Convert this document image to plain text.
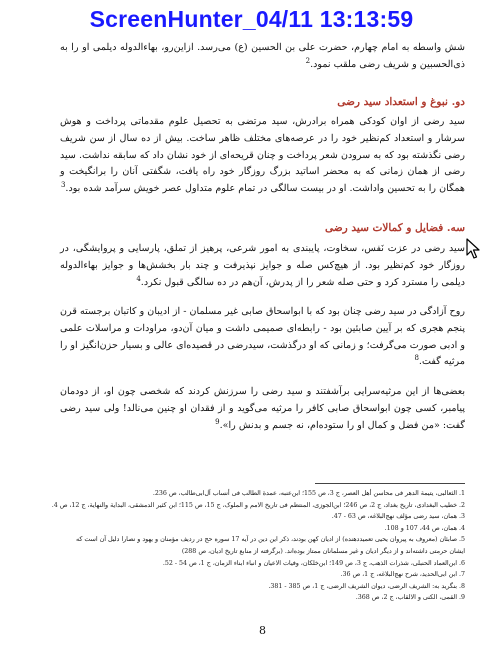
ScreenHunter_04/11 13:13:59

شش واسطه به امام چهارم، حضرت علی بن الحسین (ع) می‌رسد. ازاین‌رو، بهاءالدوله دیلمی او را به ذی‌الحسبین و شریف رضی ملقب نمود.$^2$

دو. نبوغ و استعداد سید رضی

سید رضی از اوان کودکی همراه برادرش، سید مرتضی به تحصیل علوم مقدماتی پرداخت و هوش سرشار و استعداد کم‌نظیر خود را در عرصه‌های مختلف ظاهر ساخت. بیش از ده سال از سن شریف رضی نگذشته بود که به سرودن شعر پرداخت و چنان قریحه‌ای از خود نشان داد که سابقه نداشت. سید رضی از همان زمانی که به محضر اساتید بزرگ روزگار خود راه یافت، شگفتی آنان را برانگیخت و همگان را به تحسین واداشت. او در بیست سالگی در تمام علوم متداول عصر خویش سرآمد شده بود.$^3$

سه. فضایل و کمالات سید رضی

سید رضی در عزت نَفس، سخاوت، پایبندی به امور شرعی، پرهیز از تملق، پارسایی و پروایشگی، در روزگار خود کم‌نظیر بود. از هیچ‌کس صله و جوایز نپذیرفت و چند بار بخشش‌ها و جوایز بهاءالدوله دیلمی را مسترد کرد و حتی صله شعر را از پدرش، آن‌هم در ده سالگی قبول نکرد.$^4$

روح آزادگی در سید رضی چنان بود که با ابواسحاق صابی غیر مسلمان - از ادیبان و کاتبان برجسته قرن پنجم هجری که بر آیین صابئین بود - رابطه‌ای صمیمی داشت و میان آن‌دو، مراودات و مراسلات علمی و ادبی صورت می‌گرفت؛ و زمانی که او درگذشت، سیدرضی در قصیده‌ای عالی و بسیار حزن‌انگیز او را مرثیه گفت.$^8$

بعضی‌ها از این مرثیه‌سرایی برآشفتند و سید رضی را سرزنش کردند که شخصی چون او، از دودمان پیامبر، کسی چون ابواسحاق صابی کافر را مرثیه می‌گوید و از فقدان او چنین می‌نالد! ولی سید رضی گفت: «من فضل و کمال او را ستوده‌ام، نه جسم و بدنش را».$^9$

1. الثعالبی، یتیمة الدهر فی محاسن أهل العصر، ج 3، ص 155؛ ابن‌عنبه، عمدة الطالب فی أنساب آل‌ابی‌طالب، ص 236.
2. خطیب البغدادی، تاریخ بغداد، ج 2، ص 246؛ ابن‌الجوزی، المنتظم فی تاریخ الامم و الملوک، ج 15، ص 115؛ ابن کثیر الدمشقی، البدایة والنهایة، ج 12، ص 4.
3. همان، سید رضی مؤلف نهج‌البلاغه، ص 63 - 47.
4. همان، ص 44، 107 و 108.
5. صابئان (معروف به پیروان یحیی تعمیددهنده) از ادیان کهن بودند، ذکر این دین در آیه 17 سوره حج در ردیف مؤمنان و یهود و نصارا دلیل آن است که ایشان حرمتی داشته‌اند و از دیگر ادیان و غیر مسلمانان ممتاز بوده‌اند. (برگرفته از منابع تاریخ ادیان، ص 288)
6. ابن‌العماد الحنبلی، شذرات الذهب، ج 3، ص 149؛ ابن‌خلکان، وفیات الاعیان و انباء ابناء الزمان، ج 1، ص 54 - 52.
7. ابن ابی‌الحدید، شرح نهج‌البلاغه، ج 1، ص 36.
8. بنگرید به: الشریف الرضی، دیوان الشریف الرضی، ج 1، ص 385 - 381.
9. القمی، الکنی و الالقاب، ج 2، ص 368.
8
